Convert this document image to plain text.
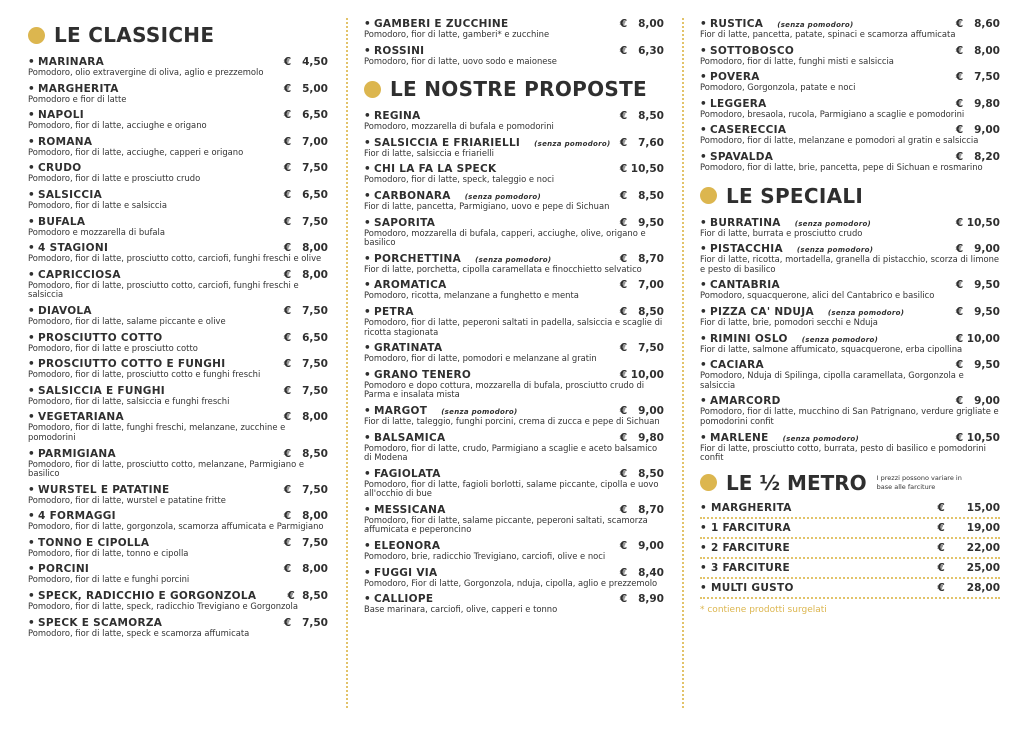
LE CLASSICHE
• MARINARA	€   4,50
Pomodoro, olio extravergine di oliva, aglio e prezzemolo
• MARGHERITA	€   5,00
Pomodoro e fior di latte
• NAPOLI	€   6,50
Pomodoro, fior di latte, acciughe e origano
• ROMANA	€   7,00
Pomodoro, fior di latte, acciughe, capperi e origano
• CRUDO	€   7,50
Pomodoro, fior di latte e prosciutto crudo
• SALSICCIA	€   6,50
Pomodoro, fior di latte e salsiccia
• BUFALA	€   7,50
Pomodoro e mozzarella di bufala
• 4 STAGIONI	€   8,00
Pomodoro, fior di latte, prosciutto cotto, carciofi, funghi freschi e olive
• CAPRICCIOSA	€   8,00
Pomodoro, fior di latte, prosciutto cotto, carciofi, funghi freschi e salsiccia
• DIAVOLA	€   7,50
Pomodoro, fior di latte, salame piccante e olive
• PROSCIUTTO COTTO	€   6,50
Pomodoro, fior di latte e prosciutto cotto
• PROSCIUTTO COTTO E FUNGHI	€   7,50
Pomodoro, fior di latte, prosciutto cotto e funghi freschi
• SALSICCIA E FUNGHI	€   7,50
Pomodoro, fior di latte, salsiccia e funghi freschi
• VEGETARIANA	€   8,00
Pomodoro, fior di latte, funghi freschi, melanzane, zucchine e pomodorini
• PARMIGIANA	€   8,50
Pomodoro, fior di latte, prosciutto cotto, melanzane, Parmigiano e basilico
• WURSTEL E PATATINE	€   7,50
Pomodoro, fior di latte, wurstel e patatine fritte
• 4 FORMAGGI	€   8,00
Pomodoro, fior di latte, gorgonzola, scamorza affumicata e Parmigiano
• TONNO E CIPOLLA	€   7,50
Pomodoro, fior di latte, tonno e cipolla
• PORCINI	€   8,00
Pomodoro, fior di latte e funghi porcini
• SPECK, RADICCHIO E GORGONZOLA	€  8,50
Pomodoro, fior di latte, speck, radicchio Trevigiano e Gorgonzola
• SPECK E SCAMORZA	€   7,50
Pomodoro, fior di latte, speck e scamorza affumicata
• GAMBERI E ZUCCHINE	€   8,00
Pomodoro, fior di latte, gamberi* e zucchine
• ROSSINI	€   6,30
Pomodoro, fior di latte, uovo sodo e maionese
LE NOSTRE PROPOSTE
• REGINA	€   8,50
Pomodoro, mozzarella di bufala e pomodorini
• SALSICCIA E FRIARIELLI (senza pomodoro) €   7,60
Fior di latte, salsiccia e friarielli
• CHI LA FA LA SPECK	€ 10,50
Pomodoro, fior di latte, speck, taleggio e noci
• CARBONARA (senza pomodoro)	€   8,50
Fior di latte, pancetta, Parmigiano, uovo e pepe di Sichuan
• SAPORITA	€   9,50
Pomodoro, mozzarella di bufala, capperi, acciughe, olive, origano e basilico
• PORCHETTINA (senza pomodoro)	€   8,70
Fior di latte, porchetta, cipolla caramellata e finocchietto selvatico
• AROMATICA	€   7,00
Pomodoro, ricotta, melanzane a funghetto e menta
• PETRA	€   8,50
Pomodoro, fior di latte, peperoni saltati in padella, salsiccia e scaglie di ricotta stagionata
• GRATINATA	€   7,50
Pomodoro, fior di latte, pomodori e melanzane al gratin
• GRANO TENERO	€ 10,00
Pomodoro e dopo cottura, mozzarella di bufala, prosciutto crudo di Parma e insalata mista
• MARGOT (senza pomodoro)	€   9,00
Fior di latte, taleggio, funghi porcini, crema di zucca e pepe di Sichuan
• BALSAMICA	€   9,80
Pomodoro, fior di latte, crudo, Parmigiano a scaglie e aceto balsamico di Modena
• FAGIOLATA	€   8,50
Pomodoro, fior di latte, fagioli borlotti, salame piccante, cipolla e uovo all'occhio di bue
• MESSICANA	€   8,70
Pomodoro, fior di latte, salame piccante, peperoni saltati, scamorza affumicata e peperoncino
• ELEONORA	€   9,00
Pomodoro, brie, radicchio Trevigiano, carciofi, olive e noci
• FUGGI VIA	€   8,40
Pomodoro, Fior di latte, Gorgonzola, nduja, cipolla, aglio e prezzemolo
• CALLIOPE	€   8,90
Base marinara, carciofi, olive, capperi e tonno
• RUSTICA (senza pomodoro)	€   8,60
Fior di latte, pancetta, patate, spinaci e scamorza affumicata
• SOTTOBOSCO	€   8,00
Pomodoro, fior di latte, funghi misti e salsiccia
• POVERA	€   7,50
Pomodoro, Gorgonzola, patate e noci
• LEGGERA	€   9,80
Pomodoro, bresaola, rucola, Parmigiano a scaglie e pomodorini
• CASERECCIA	€   9,00
Pomodoro, fior di latte, melanzane e pomodori al gratin e salsiccia
• SPAVALDA	€   8,20
Pomodoro, fior di latte, brie, pancetta, pepe di Sichuan e rosmarino
LE SPECIALI
• BURRATINA (senza pomodoro)	€ 10,50
Fior di latte, burrata e prosciutto crudo
• PISTACCHIA (senza pomodoro)	€   9,00
Fior di latte, ricotta, mortadella, granella di pistacchio, scorza di limone e pesto di basilico
• CANTABRIA	€   9,50
Pomodoro, squacquerone, alici del Cantabrico e basilico
• PIZZA CA' NDUJA (senza pomodoro)	€   9,50
Fior di latte, brie, pomodori secchi e Nduja
• RIMINI OSLO (senza pomodoro)	€ 10,00
Fior di latte, salmone affumicato, squacquerone, erba cipollina
• CACIARA	€   9,50
Pomodoro, Nduja di Spilinga, cipolla caramellata, Gorgonzola e salsiccia
• AMARCORD	€   9,00
Pomodoro, fior di latte, mucchino di San Patrignano, verdure grigliate e pomodorini confit
• MARLENE (senza pomodoro)	€ 10,50
Fior di latte, prosciutto cotto, burrata, pesto di basilico e pomodorini confit
LE ½ METRO I prezzi possono variare in base alle farciture
• MARGHERITA	€      15,00
• 1 FARCITURA	€      19,00
• 2 FARCITURE	€      22,00
• 3 FARCITURE	€      25,00
• MULTI GUSTO	€      28,00
* contiene prodotti surgelati
